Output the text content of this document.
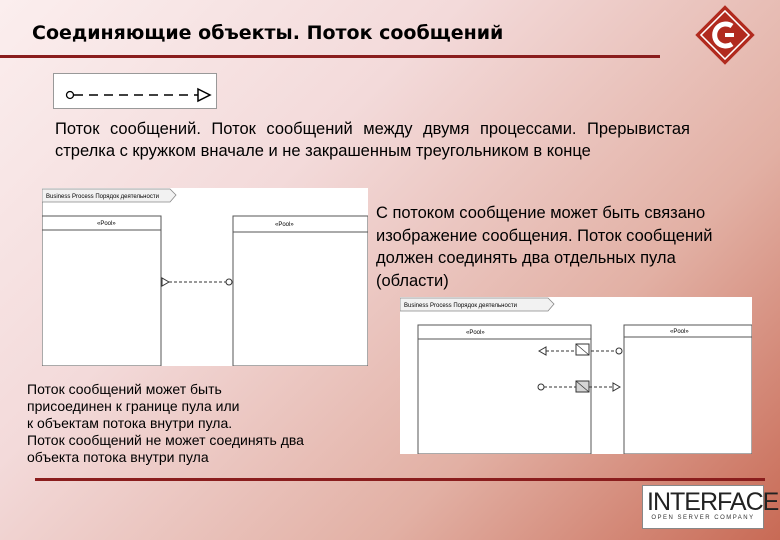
Соединяющие объекты. Поток сообщений
Поток сообщений. Поток сообщений между двумя процессами. Прерывистая стрелка с кружком вначале и не закрашенным треугольником в конце
Business Process Порядок деятельности
«Pool»	«Pool»
С потоком сообщение может быть связано изображение сообщения. Поток сообщений должен соединять два отдельных пула (области)
Business Process Порядок деятельности
«Pool»	«Pool»
Поток сообщений может быть
присоединен к границе пула или
к объектам потока внутри пула.
Поток сообщений не может соединять два
объекта потока внутри пула
INTERFACE
OPEN SERVER COMPANY
